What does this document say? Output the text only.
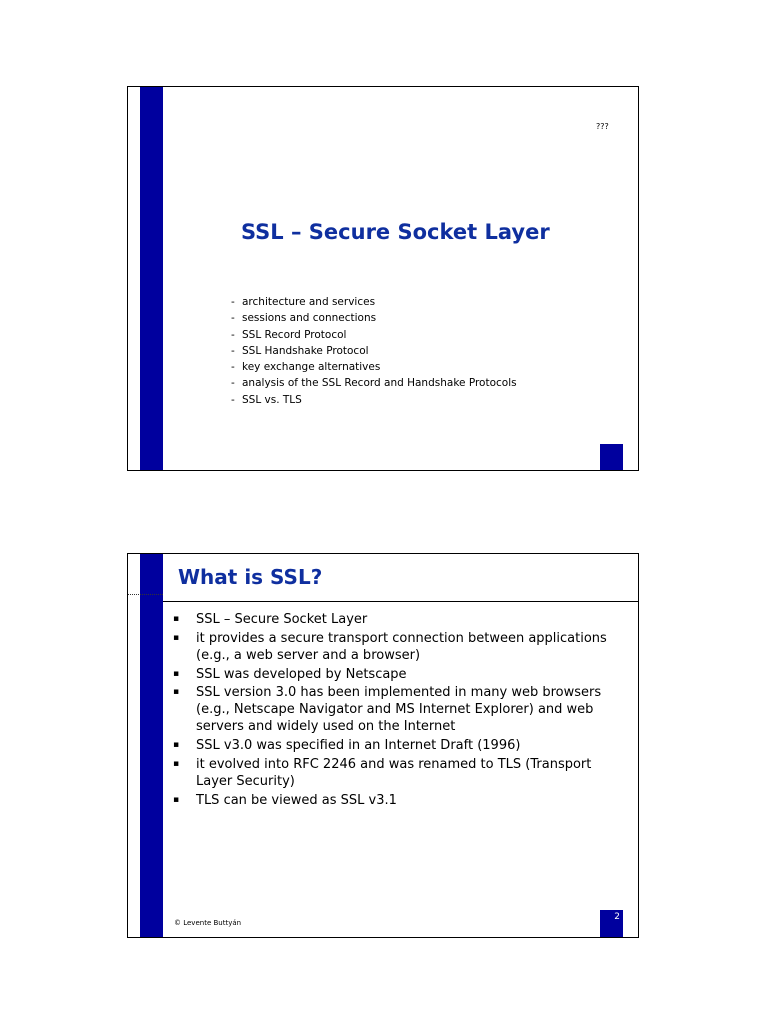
???
SSL – Secure Socket Layer
- architecture and services
- sessions and connections
- SSL Record Protocol
- SSL Handshake Protocol
- key exchange alternatives
- analysis of the SSL Record and Handshake Protocols
- SSL vs. TLS
What is SSL?
▪ SSL – Secure Socket Layer
▪ it provides a secure transport connection between applications (e.g., a web server and a browser)
▪ SSL was developed by Netscape
▪ SSL version 3.0 has been implemented in many web browsers (e.g., Netscape Navigator and MS Internet Explorer) and web servers and widely used on the Internet
▪ SSL v3.0 was specified in an Internet Draft (1996)
▪ it evolved into RFC 2246 and was renamed to TLS (Transport Layer Security)
▪ TLS can be viewed as SSL v3.1
© Levente Buttyán
2
